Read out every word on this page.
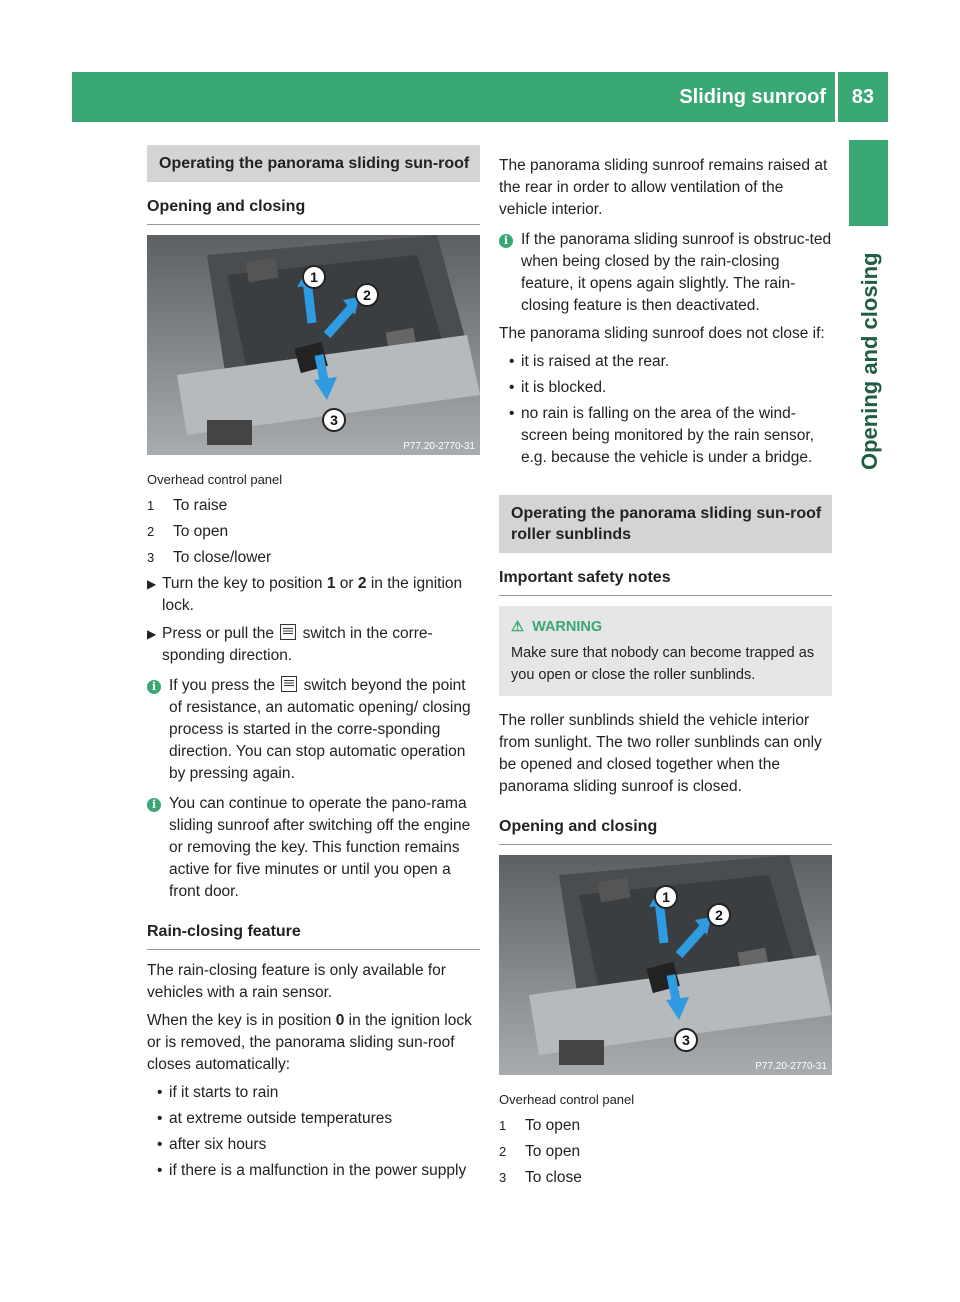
Sliding sunroof 83
Opening and closing
Operating the panorama sliding sun-roof
Opening and closing
1
2
3
P77.20-2770-31
Overhead control panel
1	To raise
2	To open
3	To close/lower
▶ Turn the key to position 1 or 2 in the ignition lock.
▶ Press or pull the  switch in the corre-sponding direction.
i If you press the  switch beyond the point of resistance, an automatic opening/ closing process is started in the corre-sponding direction. You can stop automatic operation by pressing again.
i You can continue to operate the pano-rama sliding sunroof after switching off the engine or removing the key. This function remains active for five minutes or until you open a front door.
Rain-closing feature

The rain-closing feature is only available for vehicles with a rain sensor.

When the key is in position 0 in the ignition lock or is removed, the panorama sliding sun-roof closes automatically:

• if it starts to rain
• at extreme outside temperatures
• after six hours
• if there is a malfunction in the power supply

The panorama sliding sunroof remains raised at the rear in order to allow ventilation of the vehicle interior.

i If the panorama sliding sunroof is obstruc-ted when being closed by the rain-closing feature, it opens again slightly. The rain-closing feature is then deactivated.

The panorama sliding sunroof does not close if:

• it is raised at the rear.
• it is blocked.
• no rain is falling on the area of the wind-screen being monitored by the rain sensor, e.g. because the vehicle is under a bridge.
Operating the panorama sliding sun-roof roller sunblinds
Important safety notes
⚠ WARNING
Make sure that nobody can become trapped as you open or close the roller sunblinds.

The roller sunblinds shield the vehicle interior from sunlight. The two roller sunblinds can only be opened and closed together when the panorama sliding sunroof is closed.

Opening and closing
1
2
3
P77.20-2770-31
Overhead control panel
1	To open
2	To open
3	To close
